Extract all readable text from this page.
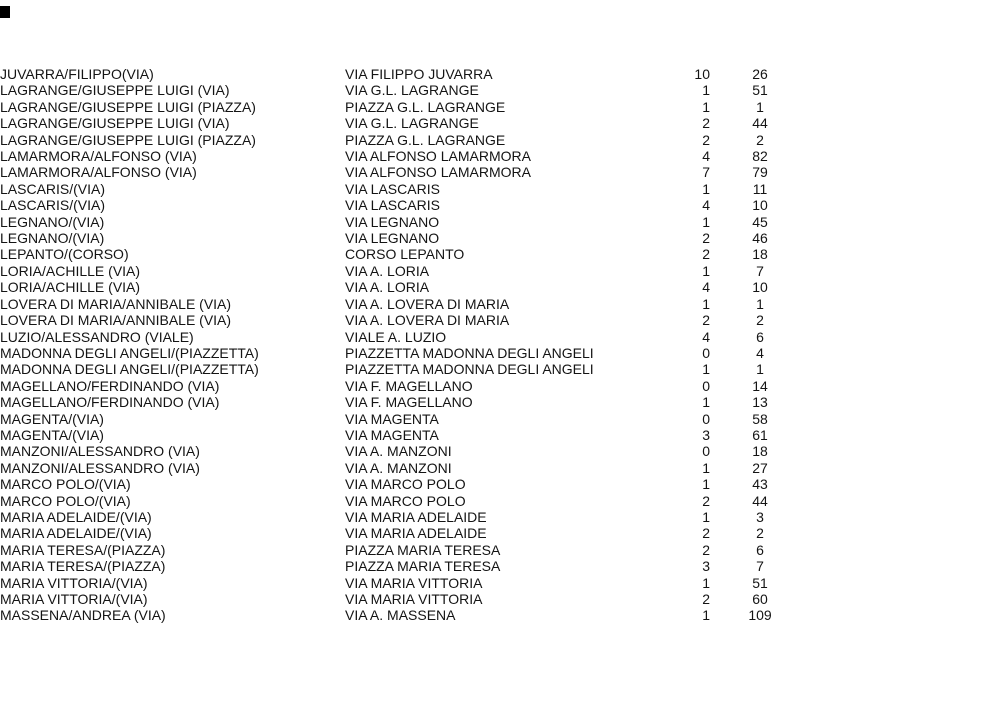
JUVARRA/FILIPPO(VIA)	VIA FILIPPO JUVARRA	10	26
LAGRANGE/GIUSEPPE LUIGI (VIA)	VIA G.L. LAGRANGE	1	51
LAGRANGE/GIUSEPPE LUIGI (PIAZZA)	PIAZZA G.L. LAGRANGE	1	1
LAGRANGE/GIUSEPPE LUIGI (VIA)	VIA G.L. LAGRANGE	2	44
LAGRANGE/GIUSEPPE LUIGI (PIAZZA)	PIAZZA G.L. LAGRANGE	2	2
LAMARMORA/ALFONSO (VIA)	VIA ALFONSO LAMARMORA	4	82
LAMARMORA/ALFONSO (VIA)	VIA ALFONSO LAMARMORA	7	79
LASCARIS/(VIA)	VIA LASCARIS	1	11
LASCARIS/(VIA)	VIA LASCARIS	4	10
LEGNANO/(VIA)	VIA LEGNANO	1	45
LEGNANO/(VIA)	VIA LEGNANO	2	46
LEPANTO/(CORSO)	CORSO LEPANTO	2	18
LORIA/ACHILLE (VIA)	VIA A. LORIA	1	7
LORIA/ACHILLE (VIA)	VIA A. LORIA	4	10
LOVERA DI MARIA/ANNIBALE (VIA)	VIA A. LOVERA DI MARIA	1	1
LOVERA DI MARIA/ANNIBALE (VIA)	VIA A. LOVERA DI MARIA	2	2
LUZIO/ALESSANDRO (VIALE)	VIALE A. LUZIO	4	6
MADONNA DEGLI ANGELI/(PIAZZETTA)	PIAZZETTA MADONNA DEGLI ANGELI	0	4
MADONNA DEGLI ANGELI/(PIAZZETTA)	PIAZZETTA MADONNA DEGLI ANGELI	1	1
MAGELLANO/FERDINANDO (VIA)	VIA F. MAGELLANO	0	14
MAGELLANO/FERDINANDO (VIA)	VIA F. MAGELLANO	1	13
MAGENTA/(VIA)	VIA MAGENTA	0	58
MAGENTA/(VIA)	VIA MAGENTA	3	61
MANZONI/ALESSANDRO (VIA)	VIA A. MANZONI	0	18
MANZONI/ALESSANDRO (VIA)	VIA A. MANZONI	1	27
MARCO POLO/(VIA)	VIA MARCO POLO	1	43
MARCO POLO/(VIA)	VIA MARCO POLO	2	44
MARIA ADELAIDE/(VIA)	VIA MARIA ADELAIDE	1	3
MARIA ADELAIDE/(VIA)	VIA MARIA ADELAIDE	2	2
MARIA TERESA/(PIAZZA)	PIAZZA MARIA TERESA	2	6
MARIA TERESA/(PIAZZA)	PIAZZA MARIA TERESA	3	7
MARIA VITTORIA/(VIA)	VIA MARIA VITTORIA	1	51
MARIA VITTORIA/(VIA)	VIA MARIA VITTORIA	2	60
MASSENA/ANDREA (VIA)	VIA A. MASSENA	1	109
